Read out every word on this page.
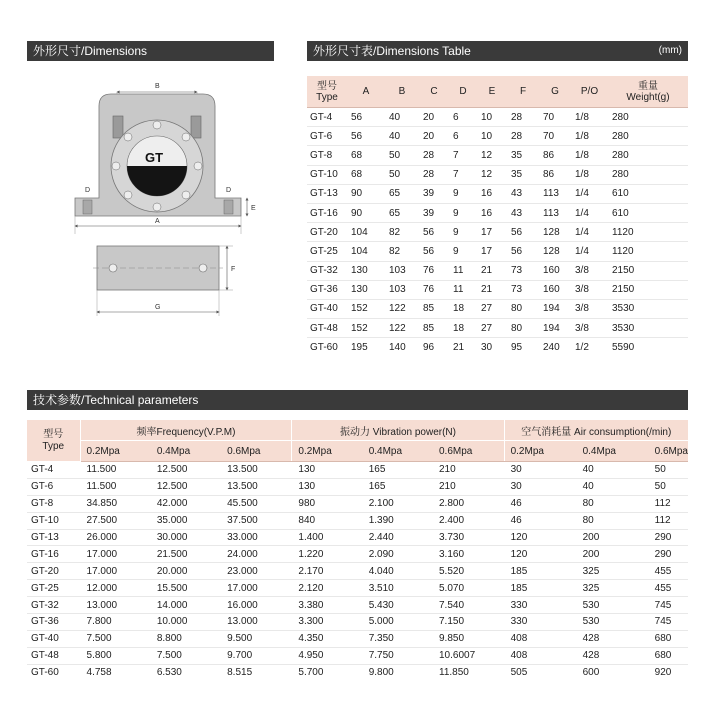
外形尺寸/Dimensions	外形尺寸表/Dimensions Table	(mm)
技术参数/Technical parameters
B
GT
D	D
E
A
F
G
型号
Type	A	B	C	D	E	F	G	P/O	重量
Weight(g)
GT-4	56	40	20	6	10	28	70	1/8	280
GT-6	56	40	20	6	10	28	70	1/8	280
GT-8	68	50	28	7	12	35	86	1/8	280
GT-10	68	50	28	7	12	35	86	1/8	280
GT-13	90	65	39	9	16	43	113	1/4	610
GT-16	90	65	39	9	16	43	113	1/4	610
GT-20	104	82	56	9	17	56	128	1/4	1120
GT-25	104	82	56	9	17	56	128	1/4	1120
GT-32	130	103	76	11	21	73	160	3/8	2150
GT-36	130	103	76	11	21	73	160	3/8	2150
GT-40	152	122	85	18	27	80	194	3/8	3530
GT-48	152	122	85	18	27	80	194	3/8	3530
GT-60	195	140	96	21	30	95	240	1/2	5590
型号
Type	频率Frequency(V.P.M)			振动力 Vibration power(N)			空气消耗量 Air consumption(/min)		
	0.2Mpa	0.4Mpa	0.6Mpa	0.2Mpa	0.4Mpa	0.6Mpa	0.2Mpa	0.4Mpa	0.6Mpa
GT-4	11.500	12.500	13.500	130	165	210	30	40	50
GT-6	11.500	12.500	13.500	130	165	210	30	40	50
GT-8	34.850	42.000	45.500	980	2.100	2.800	46	80	112
GT-10	27.500	35.000	37.500	840	1.390	2.400	46	80	112
GT-13	26.000	30.000	33.000	1.400	2.440	3.730	120	200	290
GT-16	17.000	21.500	24.000	1.220	2.090	3.160	120	200	290
GT-20	17.000	20.000	23.000	2.170	4.040	5.520	185	325	455
GT-25	12.000	15.500	17.000	2.120	3.510	5.070	185	325	455
GT-32	13.000	14.000	16.000	3.380	5.430	7.540	330	530	745
GT-36	7.800	10.000	13.000	3.300	5.000	7.150	330	530	745
GT-40	7.500	8.800	9.500	4.350	7.350	9.850	408	428	680
GT-48	5.800	7.500	9.700	4.950	7.750	10.6007	408	428	680
GT-60	4.758	6.530	8.515	5.700	9.800	11.850	505	600	920
